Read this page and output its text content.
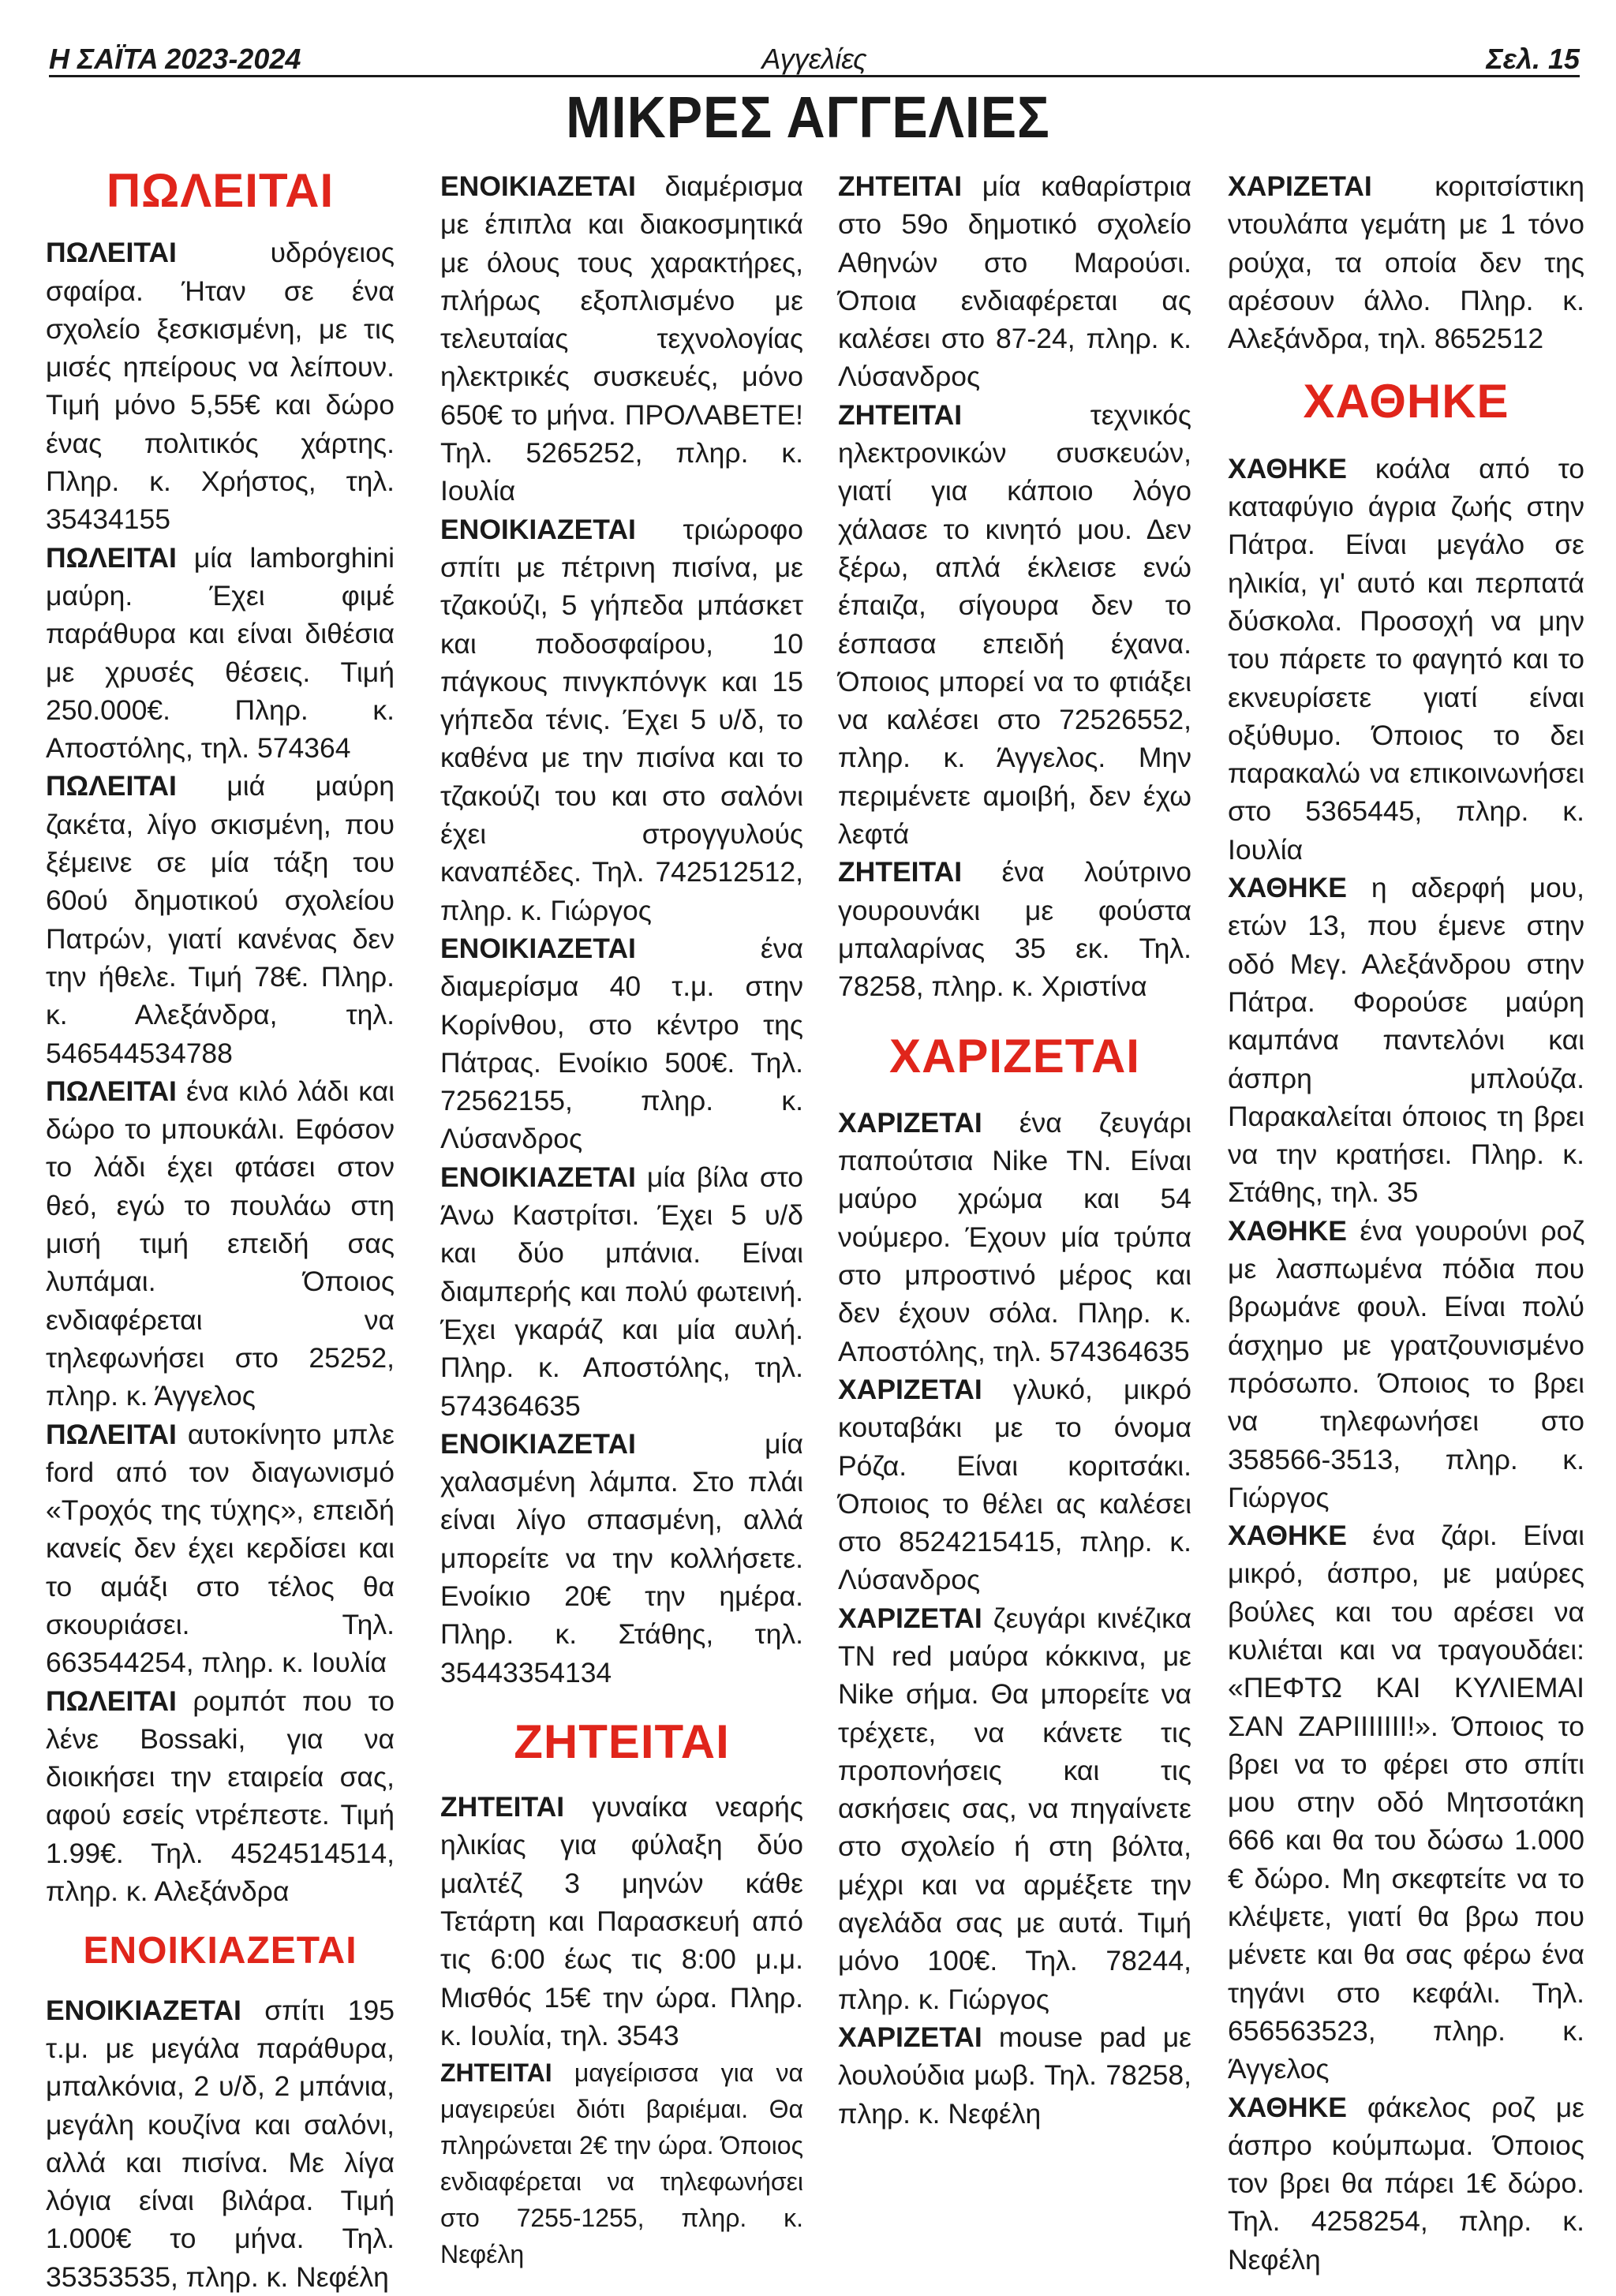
Η ΣΑΪΤΑ 2023-2024	Αγγελίες	Σελ. 15
ΜΙΚΡΕΣ ΑΓΓΕΛΙΕΣ
ΠΩΛΕΙΤΑΙ

ΠΩΛΕΙΤΑΙ υδρόγειος σφαίρα. Ήταν σε ένα σχολείο ξεσκισμένη, με τις μισές ηπείρους να λείπουν. Τιμή μόνο 5,55€ και δώρο ένας πολιτικός χάρτης. Πληρ. κ. Χρήστος, τηλ. 35434155

ΠΩΛΕΙΤΑΙ μία lamborghini μαύρη. Έχει φιμέ παράθυρα και είναι διθέσια με χρυσές θέσεις. Τιμή 250.000€. Πληρ. κ. Αποστόλης, τηλ. 574364

ΠΩΛΕΙΤΑΙ μιά μαύρη ζακέτα, λίγο σκισμένη, που ξέμεινε σε μία τάξη του 60ού δημοτικού σχολείου Πατρών, γιατί κανένας δεν την ήθελε. Τιμή 78€. Πληρ. κ. Αλεξάνδρα, τηλ. 546544534788

ΠΩΛΕΙΤΑΙ ένα κιλό λάδι και δώρο το μπουκάλι. Εφόσον το λάδι έχει φτάσει στον θεό, εγώ το πουλάω στη μισή τιμή επειδή σας λυπάμαι. Όποιος ενδιαφέρεται να τηλεφωνήσει στο 25252, πληρ. κ. Άγγελος

ΠΩΛΕΙΤΑΙ αυτοκίνητο μπλε ford από τον διαγωνισμό «Τροχός της τύχης», επειδή κανείς δεν έχει κερδίσει και το αμάξι στο τέλος θα σκουριάσει. Τηλ. 663544254, πληρ. κ. Ιουλία

ΠΩΛΕΙΤΑΙ ρομπότ που το λένε Bossaki, για να διοικήσει την εταιρεία σας, αφού εσείς ντρέπεστε. Τιμή 1.99€. Τηλ. 4524514514, πληρ. κ. Αλεξάνδρα

ΕΝΟΙΚΙΑΖΕΤΑΙ

ΕΝΟΙΚΙΑΖΕΤΑΙ σπίτι 195 τ.μ. με μεγάλα παράθυρα, μπαλκόνια, 2 υ/δ, 2 μπάνια, μεγάλη κουζίνα και σαλόνι, αλλά και πισίνα. Με λίγα λόγια είναι βιλάρα. Τιμή 1.000€ το μήνα. Τηλ. 35353535, πληρ. κ. Νεφέλη

ΕΝΟΙΚΙΑΖΕΤΑΙ διαμέρισμα με έπιπλα και διακοσμητικά με όλους τους χαρακτήρες, πλήρως εξοπλισμένο με τελευταίας τεχνολογίας ηλεκτρικές συσκευές, μόνο 650€ το μήνα. ΠΡΟΛΑΒΕΤΕ! Τηλ. 5265252, πληρ. κ. Ιουλία

ΕΝΟΙΚΙΑΖΕΤΑΙ τριώροφο σπίτι με πέτρινη πισίνα, με τζακούζι, 5 γήπεδα μπάσκετ και ποδοσφαίρου, 10 πάγκους πινγκπόνγκ και 15 γήπεδα τένις. Έχει 5 υ/δ, το καθένα με την πισίνα και το τζακούζι του και στο σαλόνι έχει στρογγυλούς καναπέδες. Τηλ. 742512512, πληρ. κ. Γιώργος

ΕΝΟΙΚΙΑΖΕΤΑΙ ένα διαμερίσμα 40 τ.μ. στην Κορίνθου, στο κέντρο της Πάτρας. Ενοίκιο 500€. Τηλ. 72562155, πληρ. κ. Λύσανδρος

ΕΝΟΙΚΙΑΖΕΤΑΙ μία βίλα στο Άνω Καστρίτσι. Έχει 5 υ/δ και δύο μπάνια. Είναι διαμπερής και πολύ φωτεινή. Έχει γκαράζ και μία αυλή. Πληρ. κ. Αποστόλης, τηλ. 574364635

ΕΝΟΙΚΙΑΖΕΤΑΙ μία χαλασμένη λάμπα. Στο πλάι είναι λίγο σπασμένη, αλλά μπορείτε να την κολλήσετε. Ενοίκιο 20€ την ημέρα. Πληρ. κ. Στάθης, τηλ. 35443354134

ΖΗΤΕΙΤΑΙ

ΖΗΤΕΙΤΑΙ γυναίκα νεαρής ηλικίας για φύλαξη δύο μαλτέζ 3 μηνών κάθε Τετάρτη και Παρασκευή από τις 6:00 έως τις 8:00 μ.μ. Μισθός 15€ την ώρα. Πληρ. κ. Ιουλία, τηλ. 3543

ΖΗΤΕΙΤΑΙ μαγείρισσα για να μαγειρεύει διότι βαριέμαι. Θα πληρώνεται 2€ την ώρα. Όποιος ενδιαφέρεται να τηλεφωνήσει στο 7255-1255, πληρ. κ. Νεφέλη

ΖΗΤΕΙΤΑΙ μία καθαρίστρια στο 59ο δημοτικό σχολείο Αθηνών στο Μαρούσι. Όποια ενδιαφέρεται ας καλέσει στο 87-24, πληρ. κ. Λύσανδρος

ΖΗΤΕΙΤΑΙ τεχνικός ηλεκτρονικών συσκευών, γιατί για κάποιο λόγο χάλασε το κινητό μου. Δεν ξέρω, απλά έκλεισε ενώ έπαιζα, σίγουρα δεν το έσπασα επειδή έχανα. Όποιος μπορεί να το φτιάξει να καλέσει στο 72526552, πληρ. κ. Άγγελος. Μην περιμένετε αμοιβή, δεν έχω λεφτά

ΖΗΤΕΙΤΑΙ ένα λούτρινο γουρουνάκι με φούστα μπαλαρίνας 35 εκ. Τηλ. 78258, πληρ. κ. Χριστίνα

ΧΑΡΙΖΕΤΑΙ

ΧΑΡΙΖΕΤΑΙ ένα ζευγάρι παπούτσια Nike TN. Είναι μαύρο χρώμα και 54 νούμερο. Έχουν μία τρύπα στο μπροστινό μέρος και δεν έχουν σόλα. Πληρ. κ. Αποστόλης, τηλ. 574364635

ΧΑΡΙΖΕΤΑΙ γλυκό, μικρό κουταβάκι με το όνομα Ρόζα. Είναι κοριτσάκι. Όποιος το θέλει ας καλέσει στο 8524215415, πληρ. κ. Λύσανδρος

ΧΑΡΙΖΕΤΑΙ ζευγάρι κινέζικα TN red μαύρα κόκκινα, με Nike σήμα. Θα μπορείτε να τρέχετε, να κάνετε τις προπονήσεις και τις ασκήσεις σας, να πηγαίνετε στο σχολείο ή στη βόλτα, μέχρι και να αρμέξετε την αγελάδα σας με αυτά. Τιμή μόνο 100€. Τηλ. 78244, πληρ. κ. Γιώργος

ΧΑΡΙΖΕΤΑΙ mouse pad με λουλούδια μωβ. Τηλ. 78258, πληρ. κ. Νεφέλη

ΧΑΡΙΖΕΤΑΙ κοριτσίστικη ντουλάπα γεμάτη με 1 τόνο ρούχα, τα οποία δεν της αρέσουν άλλο. Πληρ. κ. Αλεξάνδρα, τηλ. 8652512

ΧΑΘΗΚΕ

ΧΑΘΗΚΕ κοάλα από το καταφύγιο άγρια ζωής στην Πάτρα. Είναι μεγάλο σε ηλικία, γι' αυτό και περπατά δύσκολα. Προσοχή να μην του πάρετε το φαγητό και το εκνευρίσετε γιατί είναι οξύθυμο. Όποιος το δει παρακαλώ να επικοινωνήσει στο 5365445, πληρ. κ. Ιουλία

ΧΑΘΗΚΕ η αδερφή μου, ετών 13, που έμενε στην οδό Μεγ. Αλεξάνδρου στην Πάτρα. Φορούσε μαύρη καμπάνα παντελόνι και άσπρη μπλούζα. Παρακαλείται όποιος τη βρει να την κρατήσει. Πληρ. κ. Στάθης, τηλ. 35

ΧΑΘΗΚΕ ένα γουρούνι ροζ με λασπωμένα πόδια που βρωμάνε φουλ. Είναι πολύ άσχημο με γρατζουνισμένο πρόσωπο. Όποιος το βρει να τηλεφωνήσει στο 358566-3513, πληρ. κ. Γιώργος

ΧΑΘΗΚΕ ένα ζάρι. Είναι μικρό, άσπρο, με μαύρες βούλες και του αρέσει να κυλιέται και να τραγουδάει: «ΠΕΦΤΩ ΚΑΙ ΚΥΛΙΕΜΑΙ ΣΑΝ ΖΑΡΙΙΙΙΙΙΙ!». Όποιος το βρει να το φέρει στο σπίτι μου στην οδό Μητσοτάκη 666 και θα του δώσω 1.000 € δώρο. Μη σκεφτείτε να το κλέψετε, γιατί θα βρω που μένετε και θα σας φέρω ένα τηγάνι στο κεφάλι. Τηλ. 656563523, πληρ. κ. Άγγελος

ΧΑΘΗΚΕ φάκελος ροζ με άσπρο κούμπωμα. Όποιος τον βρει θα πάρει 1€ δώρο. Τηλ. 4258254, πληρ. κ. Νεφέλη
